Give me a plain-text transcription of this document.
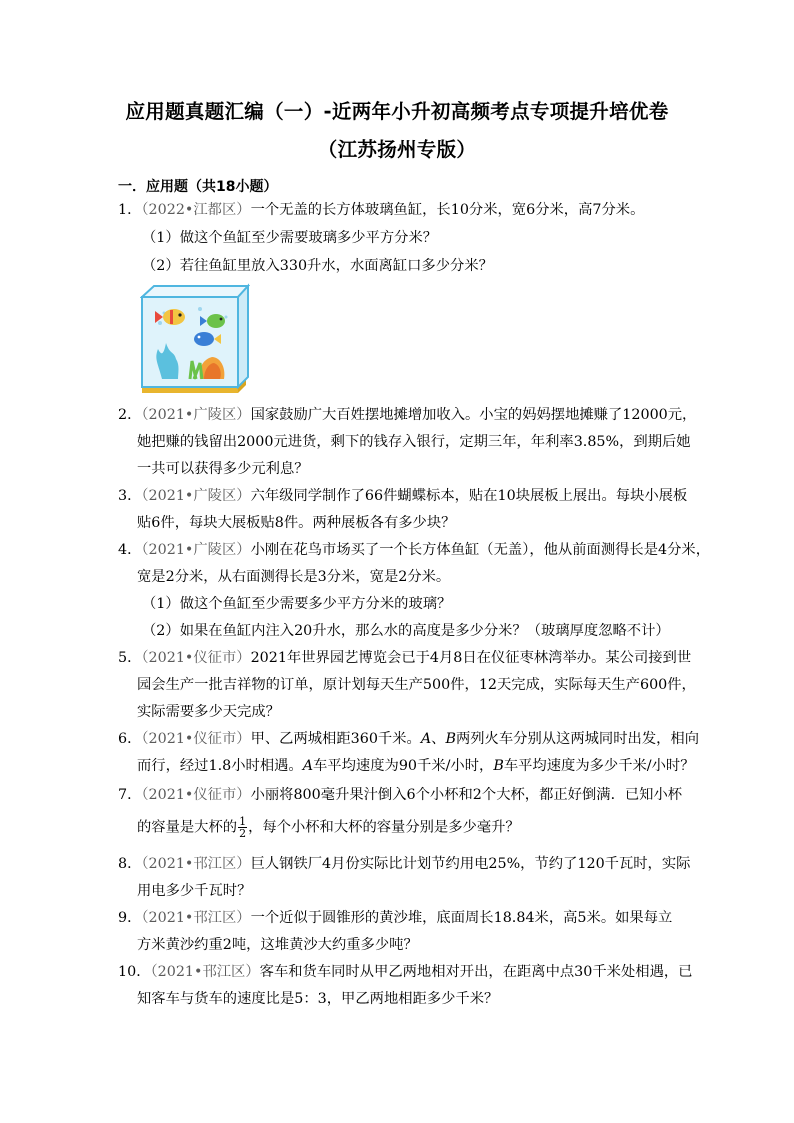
应用题真题汇编（一）-近两年小升初高频考点专项提升培优卷
（江苏扬州专版）
一．应用题（共18小题）
1．（2022•江都区）一个无盖的长方体玻璃鱼缸，长10分米，宽6分米，高7分米。
（1）做这个鱼缸至少需要玻璃多少平方分米？
（2）若往鱼缸里放入330升水，水面离缸口多少分米？
2．（2021•广陵区）国家鼓励广大百姓摆地摊增加收入。小宝的妈妈摆地摊赚了12000元，
她把赚的钱留出2000元进货，剩下的钱存入银行，定期三年，年利率3.85%，到期后她
一共可以获得多少元利息？
3．（2021•广陵区）六年级同学制作了66件蝴蝶标本，贴在10块展板上展出。每块小展板
贴6件，每块大展板贴8件。两种展板各有多少块？
4．（2021•广陵区）小刚在花鸟市场买了一个长方体鱼缸（无盖），他从前面测得长是4分米，
宽是2分米，从右面测得长是3分米，宽是2分米。
（1）做这个鱼缸至少需要多少平方分米的玻璃？
（2）如果在鱼缸内注入20升水，那么水的高度是多少分米？（玻璃厚度忽略不计）
5．（2021•仪征市）2021年世界园艺博览会已于4月8日在仪征枣林湾举办。某公司接到世
园会生产一批吉祥物的订单，原计划每天生产500件，12天完成，实际每天生产600件，
实际需要多少天完成？
6．（2021•仪征市）甲、乙两城相距360千米。A、B两列火车分别从这两城同时出发，相向
而行，经过1.8小时相遇。A车平均速度为90千米/小时，B车平均速度为多少千米/小时？
7．（2021•仪征市）小丽将800毫升果汁倒入6个小杯和2个大杯，都正好倒满．已知小杯
的容量是大杯的 $\frac{1}{2}$ ，每个小杯和大杯的容量分别是多少毫升？
8．（2021•邗江区）巨人钢铁厂4月份实际比计划节约用电25%，节约了120千瓦时，实际
用电多少千瓦时？
9．（2021•邗江区）一个近似于圆锥形的黄沙堆，底面周长18.84米，高5米。如果每立
方米黄沙约重2吨，这堆黄沙大约重多少吨？
10．（2021•邗江区）客车和货车同时从甲乙两地相对开出，在距离中点30千米处相遇，已
知客车与货车的速度比是5：3，甲乙两地相距多少千米？
